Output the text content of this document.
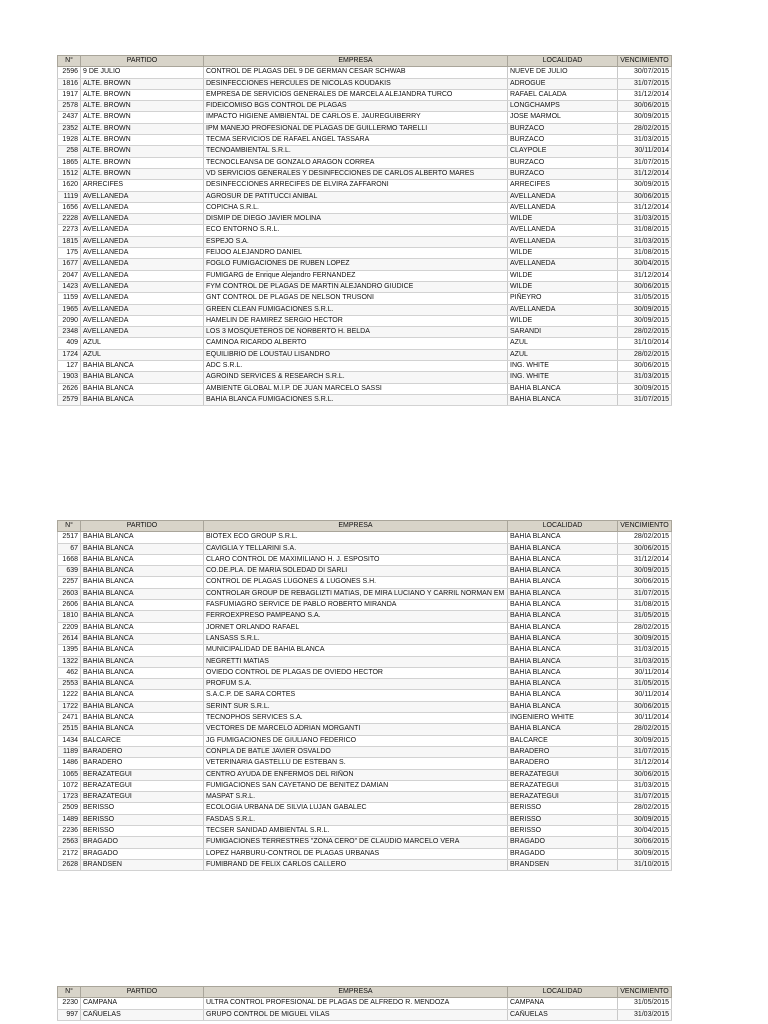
N°	PARTIDO	EMPRESA	LOCALIDAD	VENCIMIENTO
2596	9 DE JULIO	CONTROL DE PLAGAS DEL 9 DE GERMAN CESAR SCHWAB	NUEVE DE JULIO	30/07/2015
1816	ALTE. BROWN	DESINFECCIONES HERCULES DE NICOLAS KOUDAKIS	ADROGUE	31/07/2015
1917	ALTE. BROWN	EMPRESA DE SERVICIOS GENERALES DE MARCELA ALEJANDRA TURCO	RAFAEL CALADA	31/12/2014
2578	ALTE. BROWN	FIDEICOMISO BGS CONTROL DE PLAGAS	LONGCHAMPS	30/06/2015
2437	ALTE. BROWN	IMPACTO HIGIENE AMBIENTAL DE CARLOS E. JAUREGUIBERRY	JOSE MARMOL	30/09/2015
2352	ALTE. BROWN	IPM MANEJO PROFESIONAL DE PLAGAS DE GUILLERMO TARELLI	BURZACO	28/02/2015
1928	ALTE. BROWN	TECMA SERVICIOS DE RAFAEL ANGEL TASSARA	BURZACO	31/03/2015
258	ALTE. BROWN	TECNOAMBIENTAL S.R.L.	CLAYPOLE	30/11/2014
1865	ALTE. BROWN	TECNOCLEANSA DE GONZALO ARAGON CORREA	BURZACO	31/07/2015
1512	ALTE. BROWN	VD SERVICIOS GENERALES Y DESINFECCIONES DE CARLOS ALBERTO MARES	BURZACO	31/12/2014
1620	ARRECIFES	DESINFECCIONES ARRECIFES DE ELVIRA ZAFFARONI	ARRECIFES	30/09/2015
1119	AVELLANEDA	AGROSUR DE PATITUCCI ANIBAL	AVELLANEDA	30/06/2015
1656	AVELLANEDA	COPICHA S.R.L.	AVELLANEDA	31/12/2014
2228	AVELLANEDA	DISMIP DE DIEGO JAVIER MOLINA	WILDE	31/03/2015
2273	AVELLANEDA	ECO ENTORNO S.R.L.	AVELLANEDA	31/08/2015
1815	AVELLANEDA	ESPEJO S.A.	AVELLANEDA	31/03/2015
175	AVELLANEDA	FEIJOO ALEJANDRO DANIEL	WILDE	31/08/2015
1677	AVELLANEDA	FOGLO FUMIGACIONES DE RUBEN LOPEZ	AVELLANEDA	30/04/2015
2047	AVELLANEDA	FUMIGARG de Enrique Alejandro FERNANDEZ	WILDE	31/12/2014
1423	AVELLANEDA	FYM CONTROL DE PLAGAS DE MARTIN ALEJANDRO GIUDICE	WILDE	30/06/2015
1159	AVELLANEDA	GNT CONTROL DE PLAGAS DE NELSON TRUSONI	PIÑEYRO	31/05/2015
1965	AVELLANEDA	GREEN CLEAN FUMIGACIONES S.R.L.	AVELLANEDA	30/09/2015
2090	AVELLANEDA	HAMELIN DE RAMIREZ SERGIO HECTOR	WILDE	30/09/2015
2348	AVELLANEDA	LOS 3 MOSQUETEROS DE NORBERTO H. BELDA	SARANDI	28/02/2015
409	AZUL	CAMINOA RICARDO ALBERTO	AZUL	31/10/2014
1724	AZUL	EQUILIBRIO DE LOUSTAU LISANDRO	AZUL	28/02/2015
127	BAHIA BLANCA	ADC S.R.L.	ING. WHITE	30/06/2015
1903	BAHIA BLANCA	AGROIND SERVICES & RESEARCH S.R.L.	ING. WHITE	31/03/2015
2626	BAHIA BLANCA	AMBIENTE GLOBAL M.I.P. DE JUAN MARCELO SASSI	BAHIA BLANCA	30/09/2015
2579	BAHIA BLANCA	BAHIA BLANCA FUMIGACIONES S.R.L.	BAHIA BLANCA	31/07/2015
N°	PARTIDO	EMPRESA	LOCALIDAD	VENCIMIENTO
2517	BAHIA BLANCA	BIOTEX ECO GROUP S.R.L.	BAHIA BLANCA	28/02/2015
67	BAHIA BLANCA	CAVIGLIA Y TELLARINI S.A.	BAHIA BLANCA	30/06/2015
1668	BAHIA BLANCA	CLARO CONTROL DE MAXIMILIANO H. J. ESPOSITO	BAHIA BLANCA	31/12/2014
639	BAHIA BLANCA	CO.DE.PLA. DE MARIA SOLEDAD DI SARLI	BAHIA BLANCA	30/09/2015
2257	BAHIA BLANCA	CONTROL DE PLAGAS LUGONES & LUGONES S.H.	BAHIA BLANCA	30/06/2015
2603	BAHIA BLANCA	CONTROLAR GROUP DE REBAGLIZTI MATIAS, DE MIRA LUCIANO Y CARRIL NORMAN EM	BAHIA BLANCA	31/07/2015
2606	BAHIA BLANCA	FASFUMIAGRO SERVICE DE PABLO ROBERTO MIRANDA	BAHIA BLANCA	31/08/2015
1810	BAHIA BLANCA	FERROEXPRESO PAMPEANO S.A.	BAHIA BLANCA	31/05/2015
2209	BAHIA BLANCA	JORNET ORLANDO RAFAEL	BAHIA BLANCA	28/02/2015
2614	BAHIA BLANCA	LANSASS S.R.L.	BAHIA BLANCA	30/09/2015
1395	BAHIA BLANCA	MUNICIPALIDAD DE BAHIA BLANCA	BAHIA BLANCA	31/03/2015
1322	BAHIA BLANCA	NEGRETTI MATIAS	BAHIA BLANCA	31/03/2015
462	BAHIA BLANCA	OVIEDO CONTROL DE PLAGAS DE OVIEDO HECTOR	BAHIA BLANCA	30/11/2014
2553	BAHIA BLANCA	PROFUM S.A.	BAHIA BLANCA	31/05/2015
1222	BAHIA BLANCA	S.A.C.P. DE SARA CORTES	BAHIA BLANCA	30/11/2014
1722	BAHIA BLANCA	SERINT SUR S.R.L.	BAHIA BLANCA	30/06/2015
2471	BAHIA BLANCA	TECNOPHOS SERVICES S.A.	INGENIERO WHITE	30/11/2014
2515	BAHIA BLANCA	VECTORES DE MARCELO ADRIAN MORGANTI	BAHIA BLANCA	28/02/2015
1434	BALCARCE	JG FUMIGACIONES DE GIULIANO FEDERICO	BALCARCE	30/09/2015
1189	BARADERO	CONPLA DE BATLE JAVIER OSVALDO	BARADERO	31/07/2015
1486	BARADERO	VETERINARIA GASTELLÚ DE ESTEBAN S.	BARADERO	31/12/2014
1065	BERAZATEGUI	CENTRO AYUDA DE ENFERMOS DEL RIÑON	BERAZATEGUI	30/06/2015
1072	BERAZATEGUI	FUMIGACIONES SAN CAYETANO DE BENITEZ DAMIAN	BERAZATEGUI	31/03/2015
1723	BERAZATEGUI	MASPAT S.R.L.	BERAZATEGUI	31/07/2015
2509	BERISSO	ECOLOGIA URBANA DE SILVIA LUJAN GABALEC	BERISSO	28/02/2015
1489	BERISSO	FASDAS S.R.L.	BERISSO	30/09/2015
2236	BERISSO	TECSER SANIDAD AMBIENTAL S.R.L.	BERISSO	30/04/2015
2563	BRAGADO	FUMIGACIONES TERRESTRES "ZONA CERO" DE CLAUDIO MARCELO VERA	BRAGADO	30/06/2015
2172	BRAGADO	LOPEZ HARBURU-CONTROL DE PLAGAS URBANAS	BRAGADO	30/09/2015
2628	BRANDSEN	FUMIBRAND DE FELIX CARLOS CALLERO	BRANDSEN	31/10/2015
N°	PARTIDO	EMPRESA	LOCALIDAD	VENCIMIENTO
2230	CAMPANA	ULTRA CONTROL PROFESIONAL DE PLAGAS DE ALFREDO R. MENDOZA	CAMPANA	31/05/2015
997	CAÑUELAS	GRUPO CONTROL DE MIGUEL VILAS	CAÑUELAS	31/03/2015
